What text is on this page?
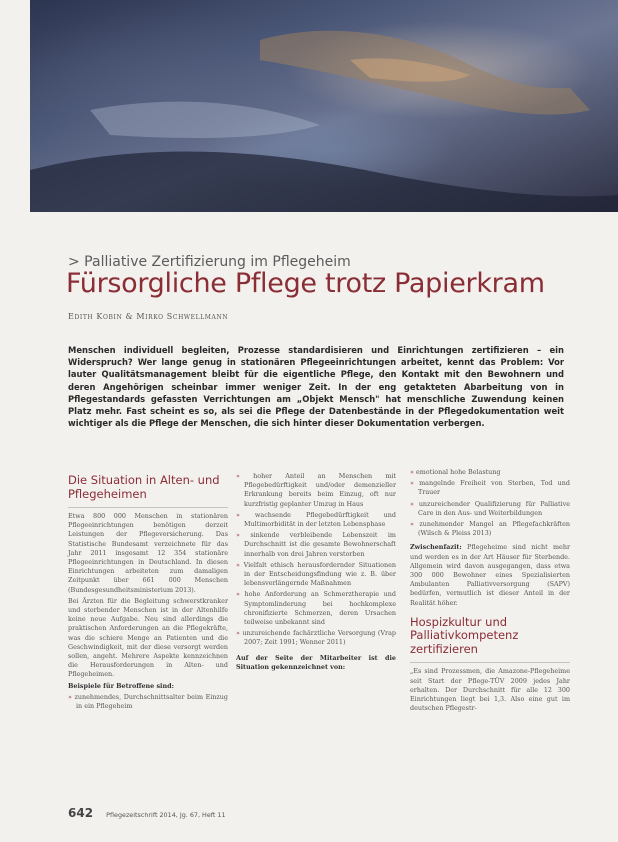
> Palliative Zertifizierung im Pflegeheim
Fürsorgliche Pflege trotz Papierkram
Edith Kobin & Mirko Schwellmann
Menschen individuell begleiten, Prozesse standardisieren und Einrichtungen zertifizieren – ein Widerspruch? Wer lange genug in stationären Pflegeeinrichtungen arbeitet, kennt das Problem: Vor lauter Qualitätsmanagement bleibt für die eigentliche Pflege, den Kontakt mit den Bewohnern und deren Angehörigen scheinbar immer weniger Zeit. In der eng getakteten Abarbeitung von in Pflegestandards gefassten Verrichtungen am „Objekt Mensch" hat menschliche Zuwendung keinen Platz mehr. Fast scheint es so, als sei die Pflege der Datenbestände in der Pflegedokumentation weit wichtiger als die Pflege der Menschen, die sich hinter dieser Dokumentation verbergen.
Die Situation in Alten- und Pflegeheimen

Etwa 800 000 Menschen in stationären Pflegeeinrichtungen benötigen derzeit Leistungen der Pflegeversicherung. Das Statistische Bundesamt verzeichnete für das Jahr 2011 insgesamt 12 354 stationäre Pflegeeinrichtungen in Deutschland. In diesen Einrichtungen arbeiteten zum damaligen Zeitpunkt über 661 000 Menschen (Bundesgesundheitsministerium 2013).

Bei Ärzten für die Begleitung schwerstkranker und sterbender Menschen ist in der Altenhilfe keine neue Aufgabe. Neu sind allerdings die praktischen Anforderungen an die Pflegekräfte, was die schiere Menge an Patienten und die Geschwindigkeit, mit der diese versorgt werden sollen, angeht. Mehrere Aspekte kennzeichnen die Herausforderungen in Alten- und Pflegeheimen.

Beispiele für Betroffene sind:

» zunehmendes, Durchschnittsalter beim Einzug in ein Pflegeheim

» hoher Anteil an Menschen mit Pflegebedürftigkeit und/oder demenzieller Erkrankung bereits beim Einzug, oft nur kurzfristig geplanter Umzug in Haus

» wachsende Pflegebedürftigkeit und Multimorbidität in der letzten Lebensphase

» sinkende verbleibende Lebenszeit im Durchschnitt ist die gesamte Bewohnerschaft innerhalb von drei Jahren verstorben

» Vielfalt ethisch herausfordernder Situationen in der Entscheidungsfindung wie z. B. über lebensverlängernde Maßnahmen

» hohe Anforderung an Schmerztherapie und Symptomlinderung bei hochkomplexe chronifizierte Schmerzen, deren Ursachen teilweise unbekannt sind

» unzureichende fachärztliche Versorgung (Vrap 2007; Zeit 1991; Wenner 2011)

Auf der Seite der Mitarbeiter ist die Situation gekennzeichnet von:

» emotional hohe Belastung

» mangelnde Freiheit von Sterben, Tod und Trauer

» unzureichender Qualifizierung für Palliative Care in den Aus- und Weiterbildungen

» zunehmender Mangel an Pflegefachkräften (Wilsch & Pleiss 2013)

Zwischenfazit: Pflegeheime sind nicht mehr und werden es in der Art Häuser für Sterbende. Allgemein wird davon ausgegangen, dass etwa 300 000 Bewohner eines Spezialisierten Ambulanten Palliativversorgung (SAPV) bedürfen, vermutlich ist dieser Anteil in der Realität höher.

Hospizkultur und Palliativkompetenz zertifizieren

„Es sind Prozessmen, die Amazone-Pflegeheime seit Start der Pflege-TÜV 2009 jedes Jahr erhalten. Der Durchschnitt für alle 12 300 Einrichtungen liegt bei 1,3. Also eine gut im deutschen Pflegestr-

642 Pflegezeitschrift 2014, Jg. 67, Heft 11
